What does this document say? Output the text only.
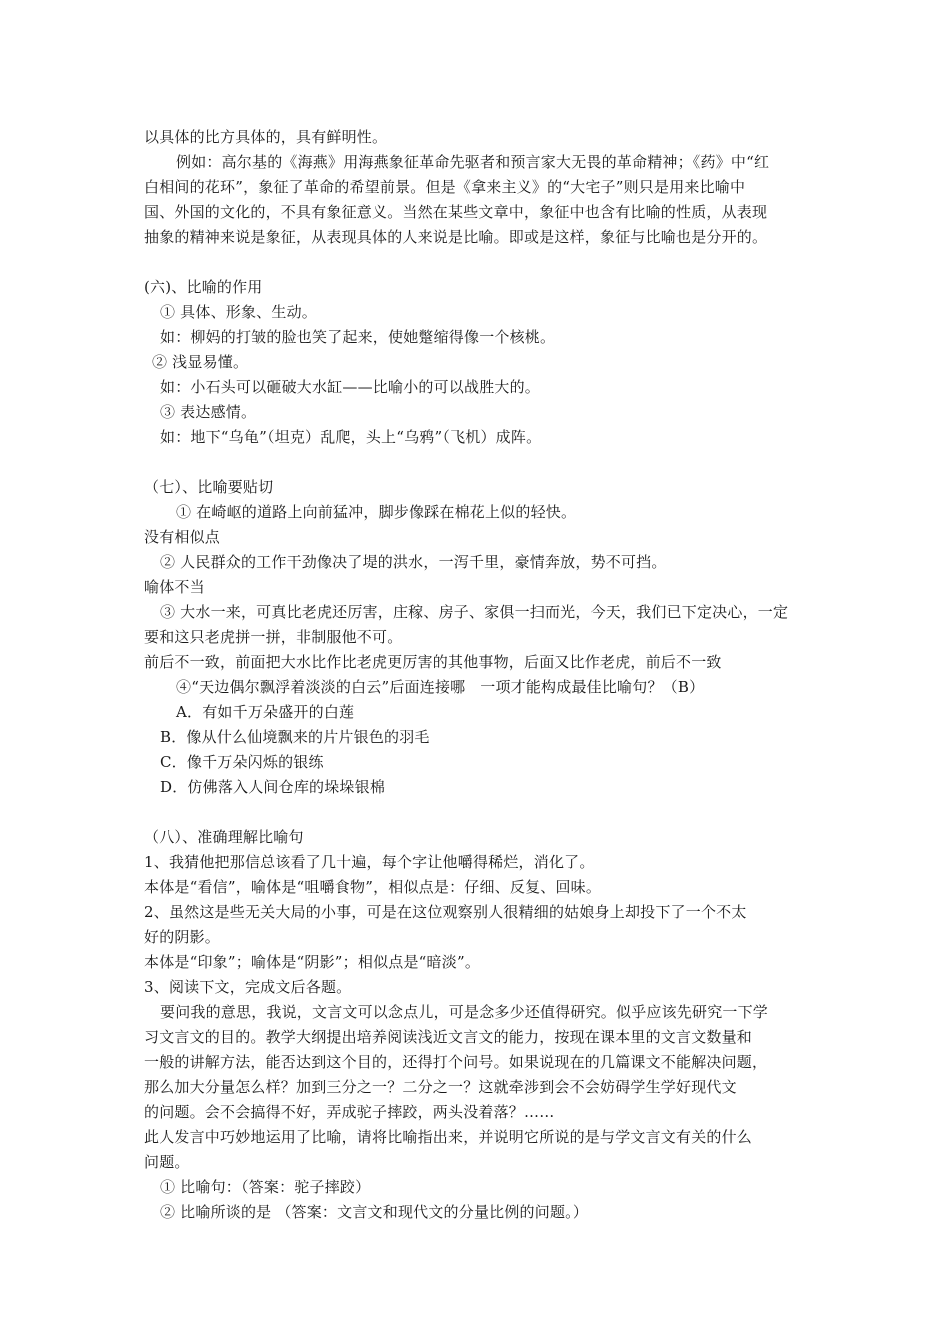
以具体的比方具体的，具有鲜明性。
例如：高尔基的《海燕》用海燕象征革命先驱者和预言家大无畏的革命精神；《药》中“红
白相间的花环”，象征了革命的希望前景。但是《拿来主义》的“大宅子”则只是用来比喻中
国、外国的文化的，不具有象征意义。当然在某些文章中，象征中也含有比喻的性质，从表现
抽象的精神来说是象征，从表现具体的人来说是比喻。即或是这样，象征与比喻也是分开的。
(六)、比喻的作用
① 具体、形象、生动。
如：柳妈的打皱的脸也笑了起来，使她蹩缩得像一个核桃。
② 浅显易懂。
如：小石头可以砸破大水缸——比喻小的可以战胜大的。
③ 表达感情。
如：地下“乌龟”（坦克）乱爬，头上“乌鸦”（飞机）成阵。
（七）、比喻要贴切
① 在崎岖的道路上向前猛冲，脚步像踩在棉花上似的轻快。
没有相似点
② 人民群众的工作干劲像决了堤的洪水，一泻千里，豪情奔放，势不可挡。
喻体不当
③ 大水一来，可真比老虎还厉害，庄稼、房子、家俱一扫而光，今天，我们已下定决心，一定
要和这只老虎拼一拼，非制服他不可。
前后不一致，前面把大水比作比老虎更厉害的其他事物，后面又比作老虎，前后不一致
④“天边偶尔飘浮着淡淡的白云”后面连接哪   一项才能构成最佳比喻句？（B）
A．有如千万朵盛开的白莲
B．像从什么仙境飘来的片片银色的羽毛
C．像千万朵闪烁的银练
D．仿佛落入人间仓库的垛垛银棉
（八）、准确理解比喻句
1、我猜他把那信总该看了几十遍，每个字让他嚼得稀烂，消化了。
本体是“看信”，喻体是“咀嚼食物”，相似点是：仔细、反复、回味。
2、虽然这是些无关大局的小事，可是在这位观察别人很精细的姑娘身上却投下了一个不太
好的阴影。
本体是“印象”；喻体是“阴影”；相似点是“暗淡”。
3、阅读下文，完成文后各题。
要问我的意思，我说，文言文可以念点儿，可是念多少还值得研究。似乎应该先研究一下学
习文言文的目的。教学大纲提出培养阅读浅近文言文的能力，按现在课本里的文言文数量和
一般的讲解方法，能否达到这个目的，还得打个问号。如果说现在的几篇课文不能解决问题，
那么加大分量怎么样？加到三分之一？二分之一？这就牵涉到会不会妨碍学生学好现代文
的问题。会不会搞得不好，弄成驼子摔跤，两头没着落？……
此人发言中巧妙地运用了比喻，请将比喻指出来，并说明它所说的是与学文言文有关的什么
问题。
① 比喻句：（答案：驼子摔跤）
② 比喻所谈的是 （答案：文言文和现代文的分量比例的问题。）
